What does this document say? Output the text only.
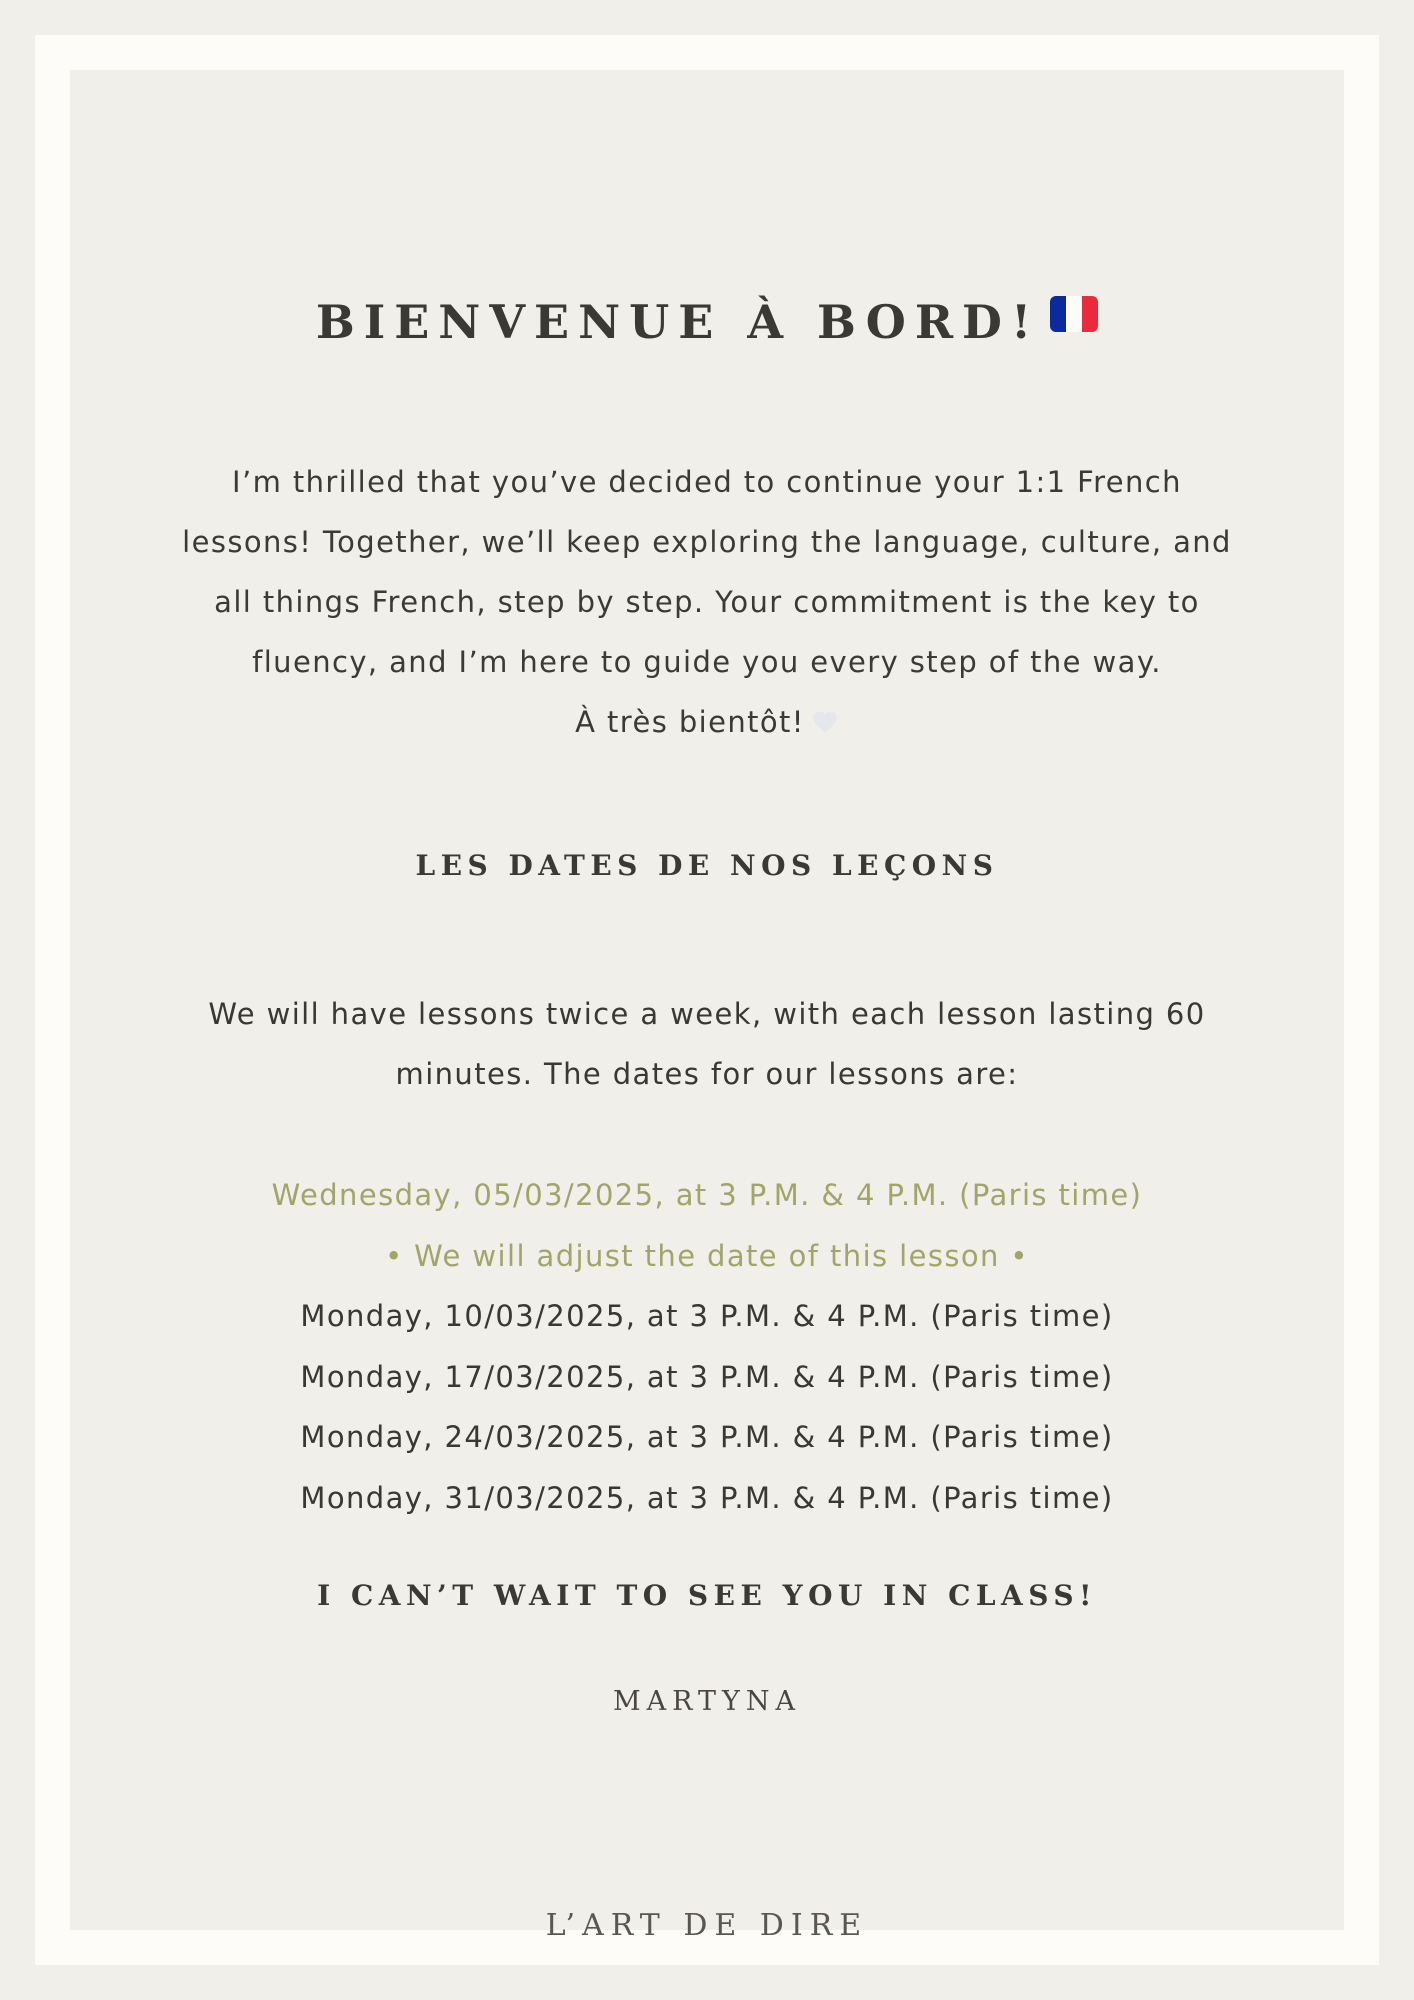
BIENVENUE À BORD!
I’m thrilled that you’ve decided to continue your 1:1 French
lessons! Together, we’ll keep exploring the language, culture, and
all things French, step by step. Your commitment is the key to
fluency, and I’m here to guide you every step of the way.
À très bientôt!
LES DATES DE NOS LEÇONS
We will have lessons twice a week, with each lesson lasting 60
minutes. The dates for our lessons are:
Wednesday, 05/03/2025, at 3 P.M. & 4 P.M. (Paris time)
• We will adjust the date of this lesson •
Monday, 10/03/2025, at 3 P.M. & 4 P.M. (Paris time)
Monday, 17/03/2025, at 3 P.M. & 4 P.M. (Paris time)
Monday, 24/03/2025, at 3 P.M. & 4 P.M. (Paris time)
Monday, 31/03/2025, at 3 P.M. & 4 P.M. (Paris time)
I CAN’T WAIT TO SEE YOU IN CLASS!
MARTYNA
L’ART DE DIRE
